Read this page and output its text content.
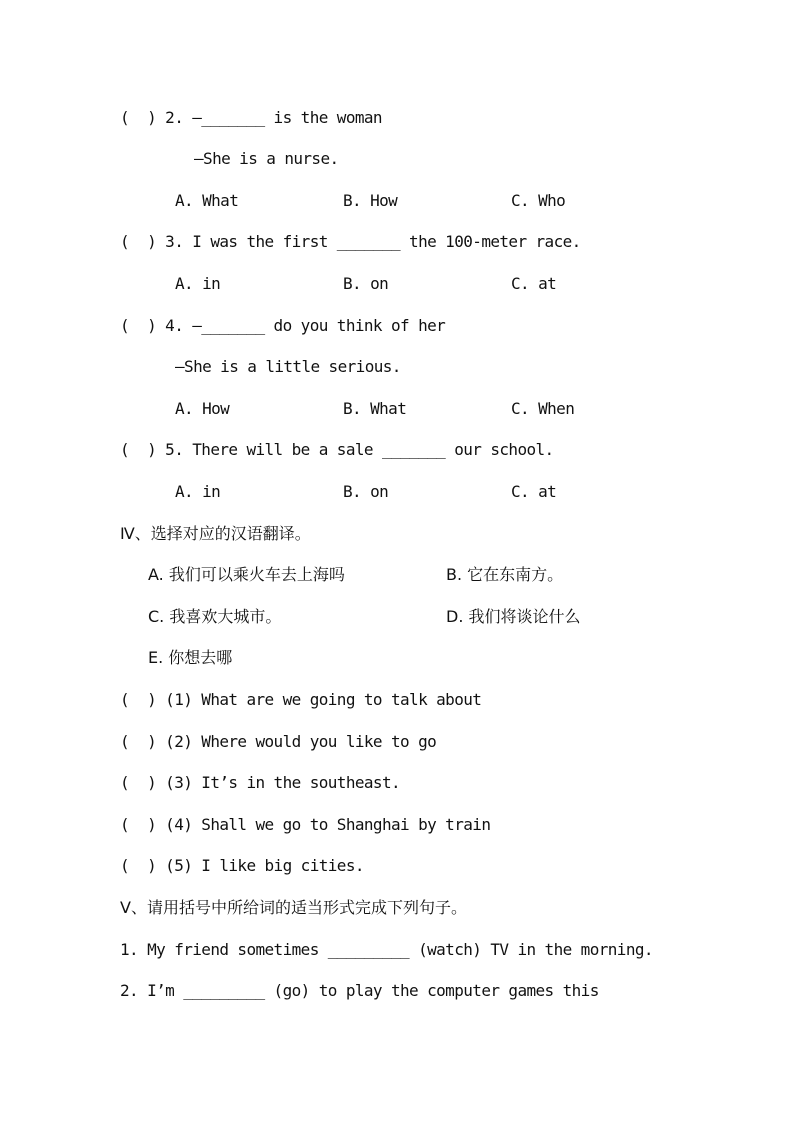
(  ) 2. —_______ is the woman
—She is a nurse.
A. What	B. How	C. Who
(  ) 3. I was the first _______ the 100-meter race.
A. in	B. on	C. at
(  ) 4. —_______ do you think of her
—She is a little serious.
A. How	B. What	C. When
(  ) 5. There will be a sale _______ our school.
A. in	B. on	C. at
Ⅳ、选择对应的汉语翻译。
A. 我们可以乘火车去上海吗	B. 它在东南方。
C. 我喜欢大城市。	D. 我们将谈论什么
E. 你想去哪
(  ) (1) What are we going to talk about
(  ) (2) Where would you like to go
(  ) (3) It’s in the southeast.
(  ) (4) Shall we go to Shanghai by train
(  ) (5) I like big cities.
Ⅴ、请用括号中所给词的适当形式完成下列句子。
1. My friend sometimes _________ (watch) TV in the morning.
2. I’m _________ (go) to play the computer games this
